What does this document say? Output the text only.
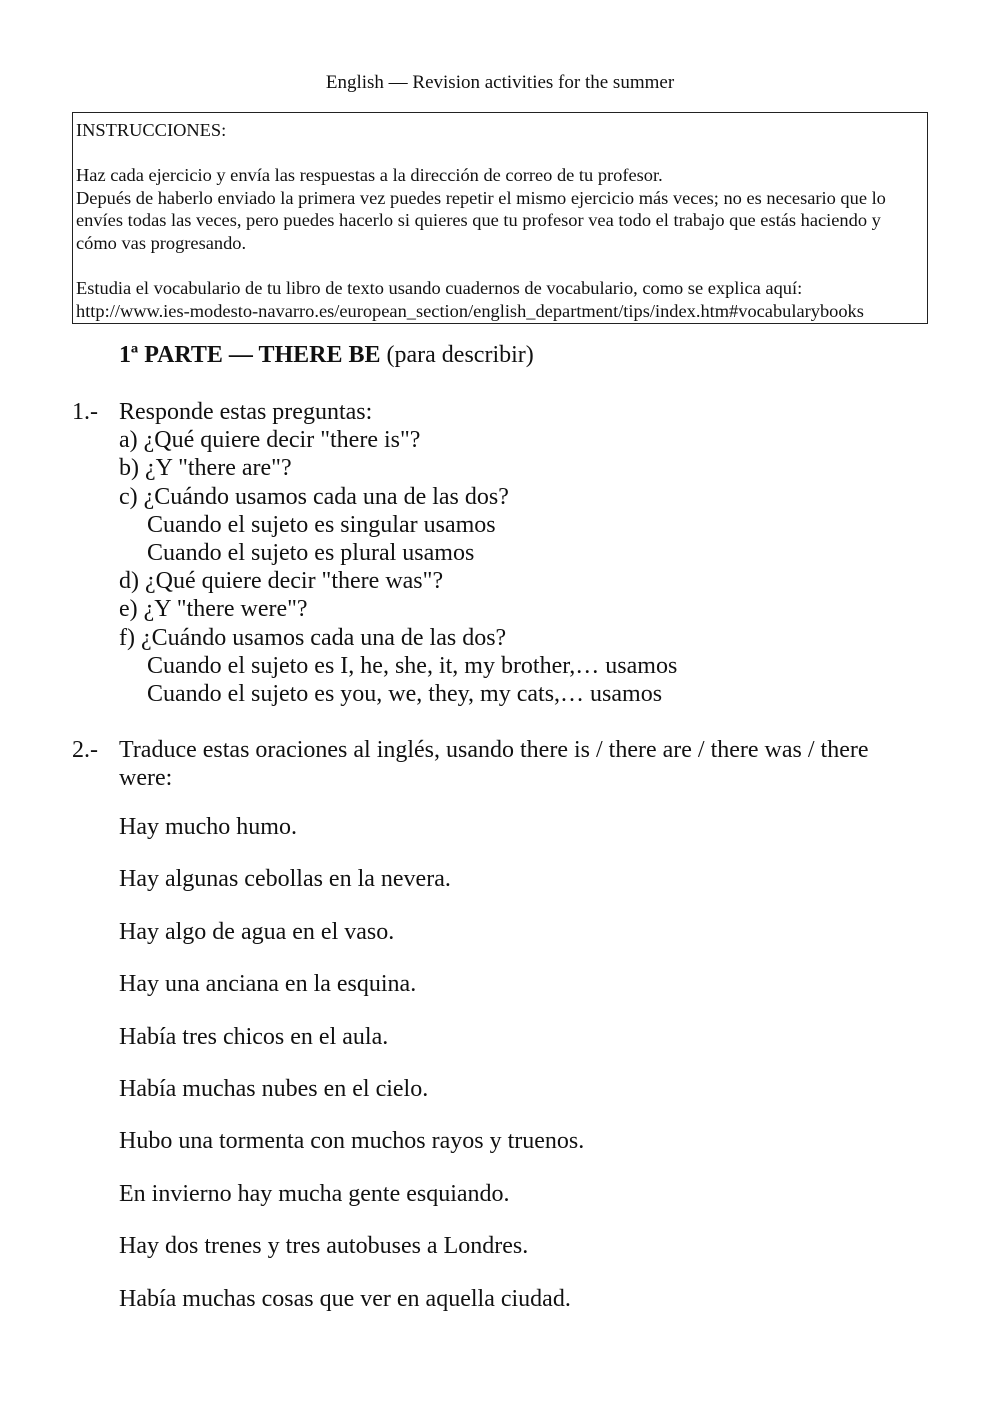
English — Revision activities for the summer

INSTRUCCIONES:

Haz cada ejercicio y envía las respuestas a la dirección de correo de tu profesor.

Depués de haberlo enviado la primera vez puedes repetir el mismo ejercicio más veces; no es necesario que lo envíes todas las veces, pero puedes hacerlo si quieres que tu profesor vea todo el trabajo que estás haciendo y cómo vas progresando.

Estudia el vocabulario de tu libro de texto usando cuadernos de vocabulario, como se explica aquí:

http://www.ies-modesto-navarro.es/european_section/english_department/tips/index.htm#vocabularybooks

1ª PARTE — THERE BE (para describir)
1.- Responde estas preguntas:
a) ¿Qué quiere decir "there is"?
b) ¿Y "there are"?
c) ¿Cuándo usamos cada una de las dos?
Cuando el sujeto es singular usamos
Cuando el sujeto es plural usamos
d) ¿Qué quiere decir "there was"?
e) ¿Y "there were"?
f) ¿Cuándo usamos cada una de las dos?
Cuando el sujeto es I, he, she, it, my brother,… usamos
Cuando el sujeto es you, we, they, my cats,… usamos
2.- Traduce estas oraciones al inglés, usando there is / there are / there was / there were:
Hay mucho humo.
Hay algunas cebollas en la nevera.
Hay algo de agua en el vaso.
Hay una anciana en la esquina.
Había tres chicos en el aula.
Había muchas nubes en el cielo.
Hubo una tormenta con muchos rayos y truenos.
En invierno hay mucha gente esquiando.
Hay dos trenes y tres autobuses a Londres.
Había muchas cosas que ver en aquella ciudad.
